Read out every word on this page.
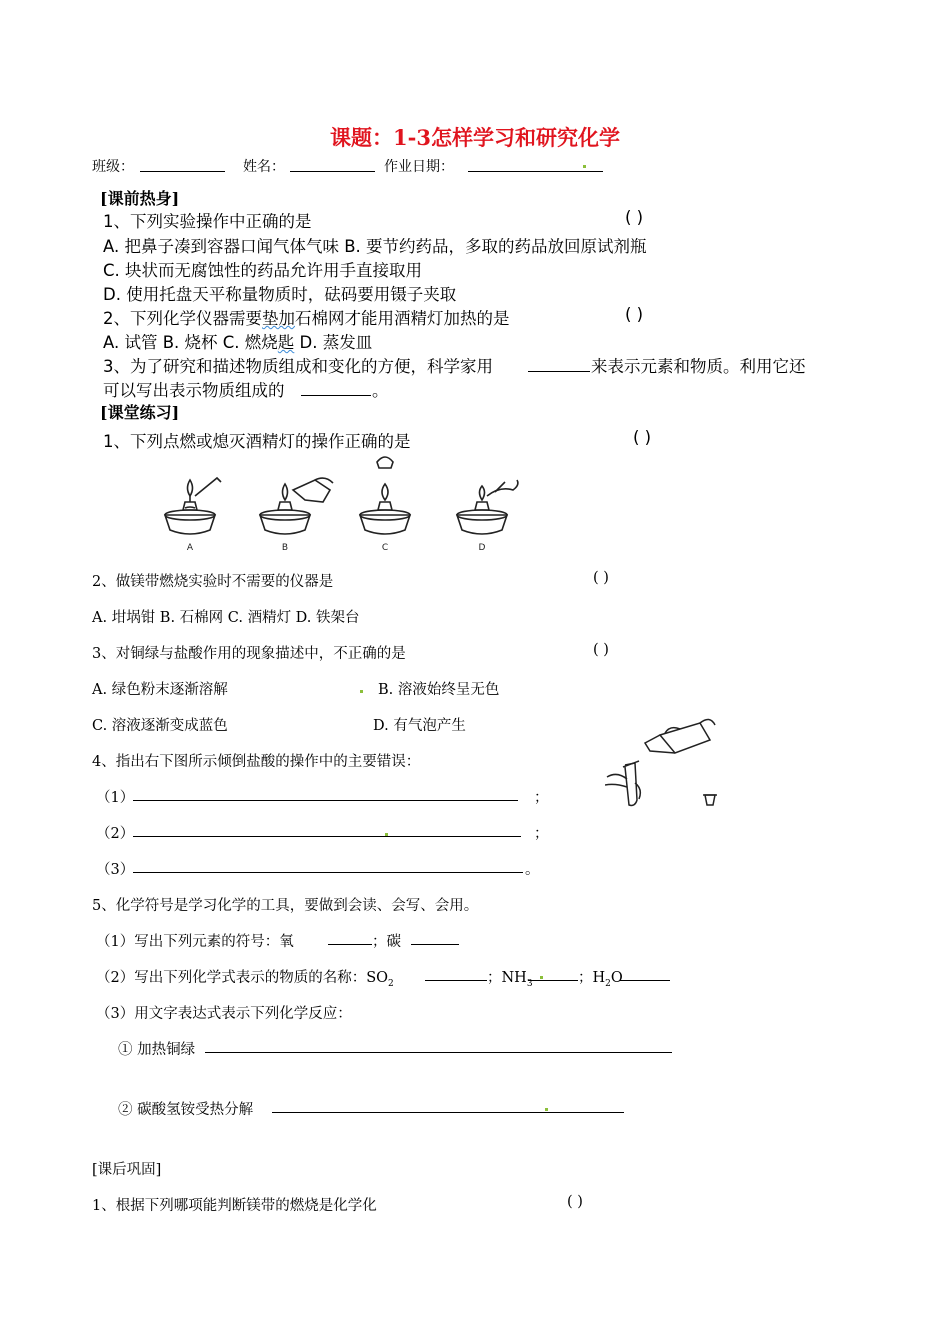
课题：1-3怎样学习和研究化学
班级：	姓名：	作业日期：
[课前热身]
1、下列实验操作中正确的是	( )
A. 把鼻子凑到容器口闻气体气味 B. 要节约药品，多取的药品放回原试剂瓶
C. 块状而无腐蚀性的药品允许用手直接取用
D. 使用托盘天平称量物质时，砝码要用镊子夹取
2、下列化学仪器需要垫加石棉网才能用酒精灯加热的是	( )
A. 试管 B. 烧杯 C. 燃烧匙 D. 蒸发皿
3、为了研究和描述物质组成和变化的方便，科学家用	来表示元素和物质。利用它还
可以写出表示物质组成的	。
[课堂练习]
1、下列点燃或熄灭酒精灯的操作正确的是	( )
A	B	C	D
2、做镁带燃烧实验时不需要的仪器是	( )
A. 坩埚钳 B. 石棉网 C. 酒精灯 D. 铁架台
3、对铜绿与盐酸作用的现象描述中，不正确的是	( )
A. 绿色粉末逐渐溶解	B. 溶液始终呈无色
C. 溶液逐渐变成蓝色	D. 有气泡产生
4、指出右下图所示倾倒盐酸的操作中的主要错误：
（1）	；
（2）	；
（3）	。
5、化学符号是学习化学的工具，要做到会读、会写、会用。
（1）写出下列元素的符号：氧	；碳
（2）写出下列化学式表示的物质的名称：$SO_2$	；$NH_3$	；$H_2O$
（3）用文字表达式表示下列化学反应：
① 加热铜绿
② 碳酸氢铵受热分解
[课后巩固]
1、根据下列哪项能判断镁带的燃烧是化学化	( )
